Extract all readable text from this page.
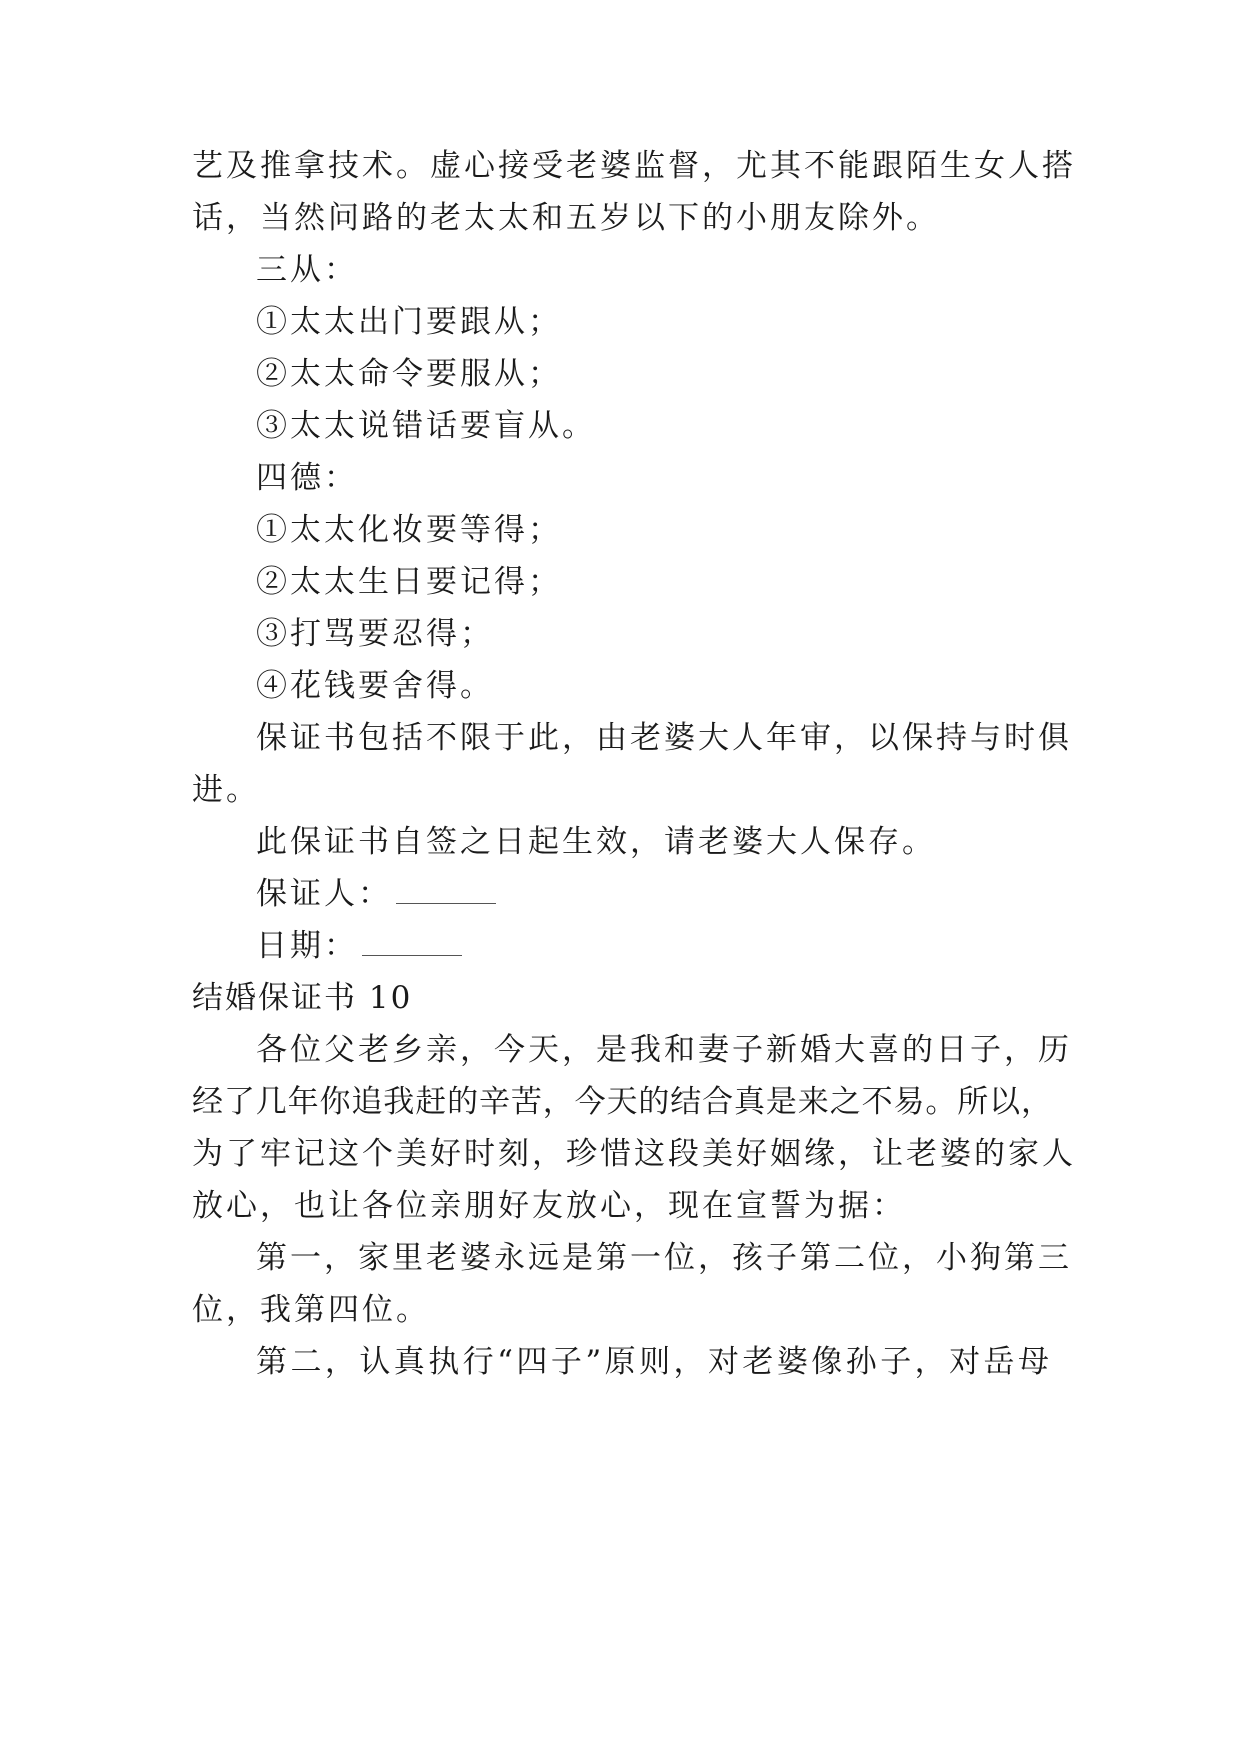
艺及推拿技术。虚心接受老婆监督，尤其不能跟陌生女人搭
话，当然问路的老太太和五岁以下的小朋友除外。
三从：
①太太出门要跟从；
②太太命令要服从；
③太太说错话要盲从。
四德：
①太太化妆要等得；
②太太生日要记得；
③打骂要忍得；
④花钱要舍得。
保证书包括不限于此，由老婆大人年审，以保持与时俱
进。
此保证书自签之日起生效，请老婆大人保存。
保证人：
日期：
结婚保证书 10
各位父老乡亲，今天，是我和妻子新婚大喜的日子，历
经了几年你追我赶的辛苦，今天的结合真是来之不易。所以，
为了牢记这个美好时刻，珍惜这段美好姻缘，让老婆的家人
放心，也让各位亲朋好友放心，现在宣誓为据：
第一，家里老婆永远是第一位，孩子第二位，小狗第三
位，我第四位。
第二，认真执行“四子”原则，对老婆像孙子，对岳母
